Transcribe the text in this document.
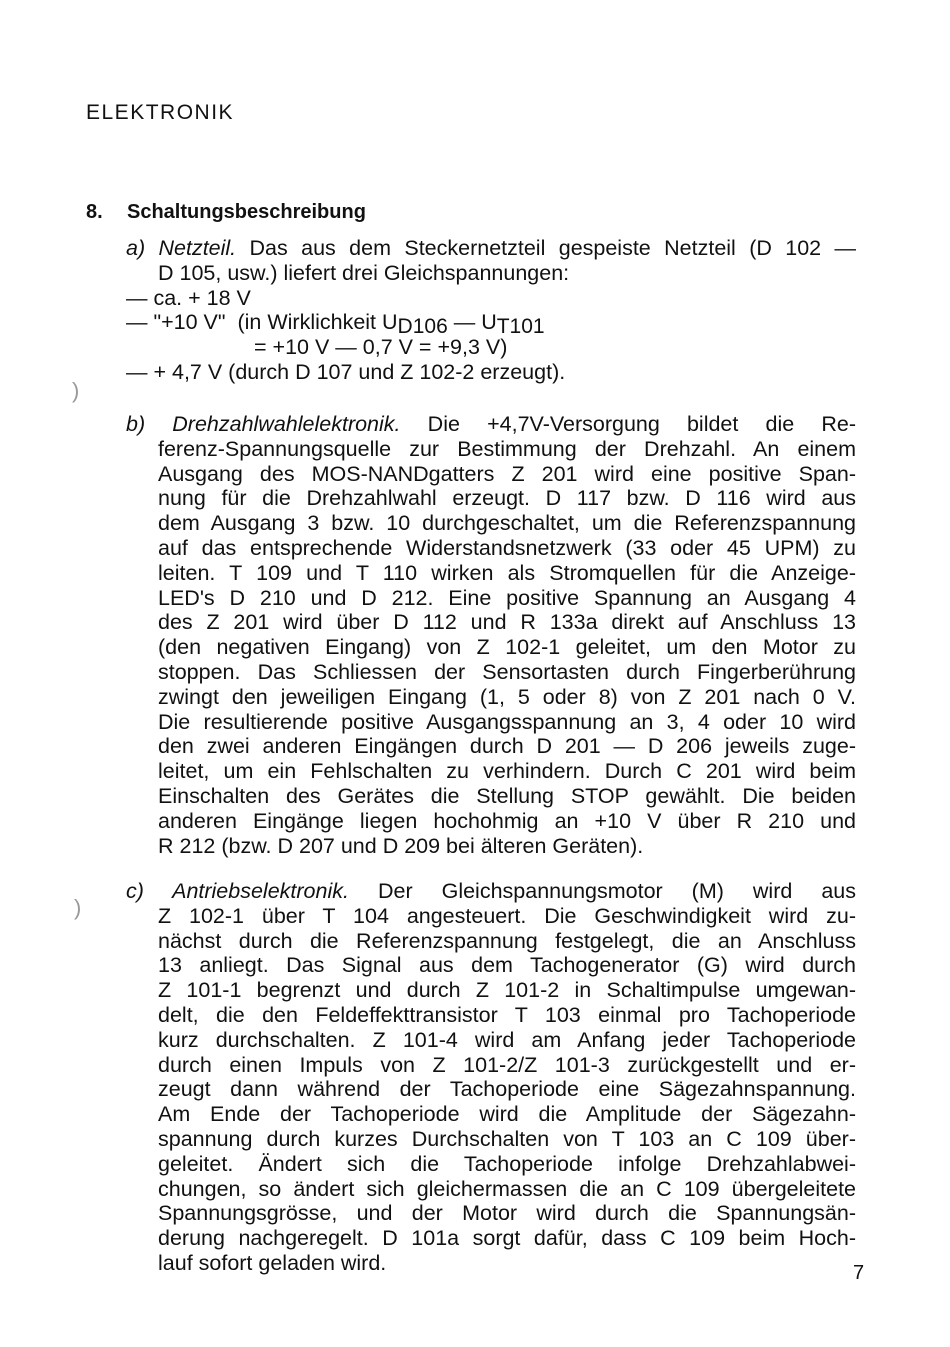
ELEKTRONIK
8. Schaltungsbeschreibung
a) Netzteil. Das aus dem Steckernetzteil gespeiste Netzteil (D 102 —
D 105, usw.) liefert drei Gleichspannungen:
— ca. + 18 V
— "+10 V"  (in Wirklichkeit UD106 — UT101
= +10 V — 0,7 V = +9,3 V)
— + 4,7 V (durch D 107 und Z 102-2 erzeugt).
b) Drehzahlwahlelektronik. Die +4,7V-Versorgung bildet die Re-
ferenz-Spannungsquelle zur Bestimmung der Drehzahl. An einem
Ausgang des MOS-NANDgatters Z 201 wird eine positive Span-
nung für die Drehzahlwahl erzeugt. D 117 bzw. D 116 wird aus
dem Ausgang 3 bzw. 10 durchgeschaltet, um die Referenzspannung
auf das entsprechende Widerstandsnetzwerk (33 oder 45 UPM) zu
leiten. T 109 und T 110 wirken als Stromquellen für die Anzeige-
LED's D 210 und D 212. Eine positive Spannung an Ausgang 4
des Z 201 wird über D 112 und R 133a direkt auf Anschluss 13
(den negativen Eingang) von Z 102-1 geleitet, um den Motor zu
stoppen. Das Schliessen der Sensortasten durch Fingerberührung
zwingt den jeweiligen Eingang (1, 5 oder 8) von Z 201 nach 0 V.
Die resultierende positive Ausgangsspannung an 3, 4 oder 10 wird
den zwei anderen Eingängen durch D 201 — D 206 jeweils zuge-
leitet, um ein Fehlschalten zu verhindern. Durch C 201 wird beim
Einschalten des Gerätes die Stellung STOP gewählt. Die beiden
anderen Eingänge liegen hochohmig an +10 V über R 210 und
R 212 (bzw. D 207 und D 209 bei älteren Geräten).
c) Antriebselektronik. Der Gleichspannungsmotor (M) wird aus
Z 102-1 über T 104 angesteuert. Die Geschwindigkeit wird zu-
nächst durch die Referenzspannung festgelegt, die an Anschluss
13 anliegt. Das Signal aus dem Tachogenerator (G) wird durch
Z 101-1 begrenzt und durch Z 101-2 in Schaltimpulse umgewan-
delt, die den Feldeffekttransistor T 103 einmal pro Tachoperiode
kurz durchschalten. Z 101-4 wird am Anfang jeder Tachoperiode
durch einen Impuls von Z 101-2/Z 101-3 zurückgestellt und er-
zeugt dann während der Tachoperiode eine Sägezahnspannung.
Am Ende der Tachoperiode wird die Amplitude der Sägezahn-
spannung durch kurzes Durchschalten von T 103 an C 109 über-
geleitet. Ändert sich die Tachoperiode infolge Drehzahlabwei-
chungen, so ändert sich gleichermassen die an C 109 übergeleitete
Spannungsgrösse, und der Motor wird durch die Spannungsän-
derung nachgeregelt. D 101a sorgt dafür, dass C 109 beim Hoch-
lauf sofort geladen wird.
)
)
7
